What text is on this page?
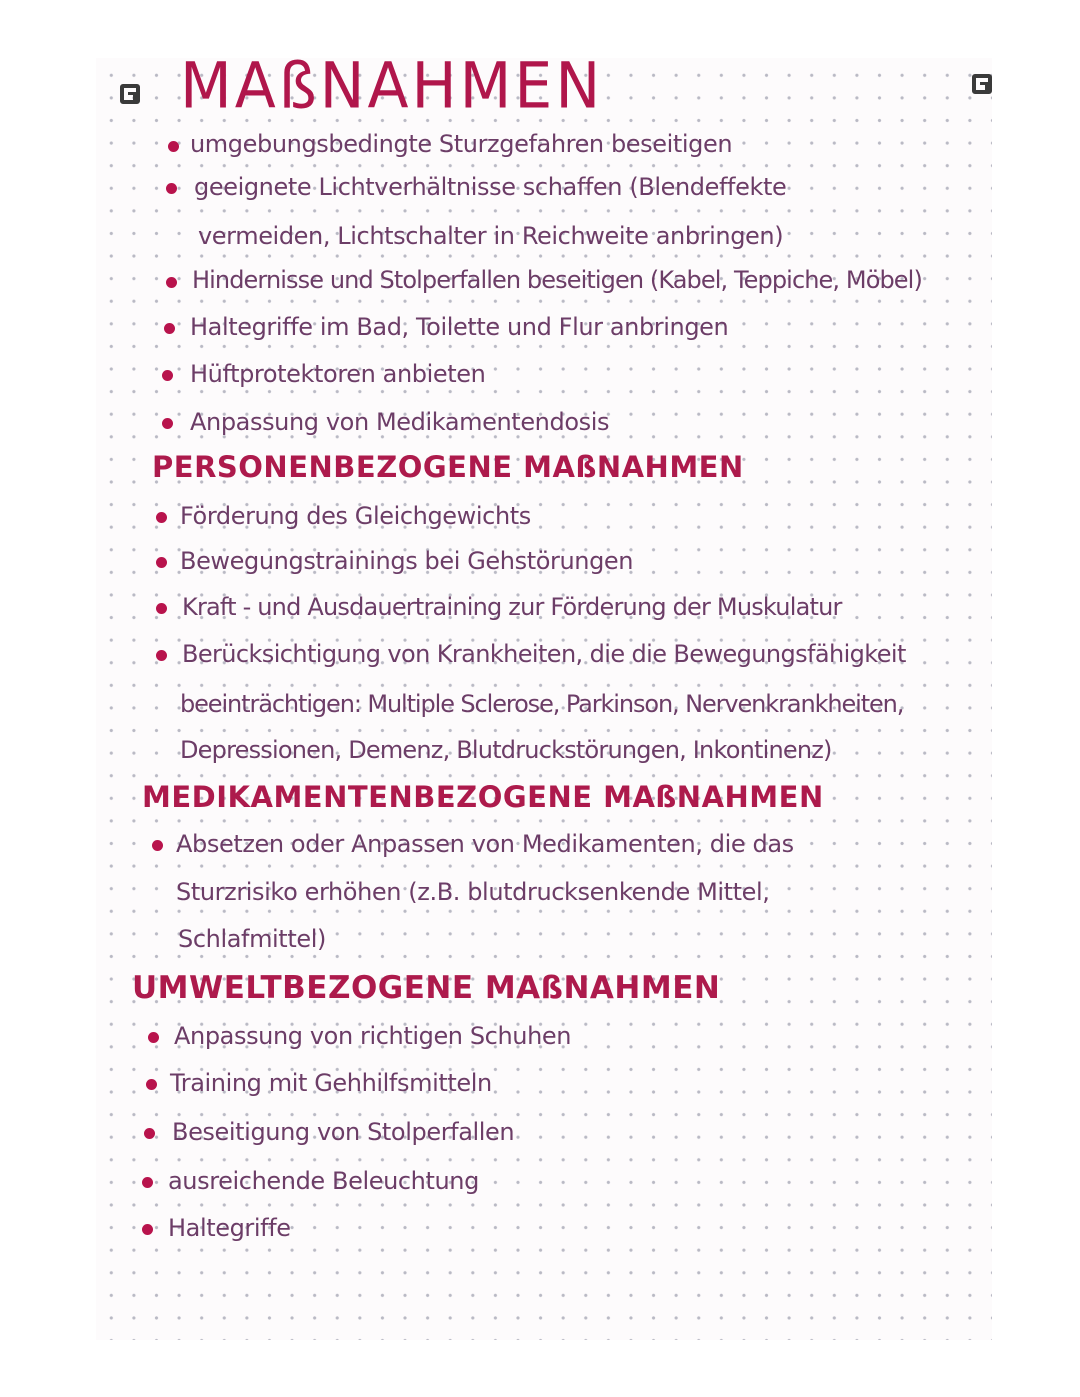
MAßNAHMEN
umgebungsbedingte Sturzgefahren beseitigen
geeignete Lichtverhältnisse schaffen (Blendeffekte
vermeiden, Lichtschalter in Reichweite anbringen)
Hindernisse und Stolperfallen beseitigen (Kabel, Teppiche, Möbel)
Haltegriffe im Bad, Toilette und Flur anbringen
Hüftprotektoren anbieten
Anpassung von Medikamentendosis
PERSONENBEZOGENE MAßNAHMEN
Förderung des Gleichgewichts
Bewegungstrainings bei Gehstörungen
Kraft - und Ausdauertraining zur Förderung der Muskulatur
Berücksichtigung von Krankheiten, die die Bewegungsfähigkeit
beeinträchtigen: Multiple Sclerose, Parkinson, Nervenkrankheiten,
Depressionen, Demenz, Blutdruckstörungen, Inkontinenz)
MEDIKAMENTENBEZOGENE MAßNAHMEN
Absetzen oder Anpassen von Medikamenten, die das
Sturzrisiko erhöhen (z.B. blutdrucksenkende Mittel,
Schlafmittel)
UMWELTBEZOGENE MAßNAHMEN
Anpassung von richtigen Schuhen
Training mit Gehhilfsmitteln
Beseitigung von Stolperfallen
ausreichende Beleuchtung
Haltegriffe
